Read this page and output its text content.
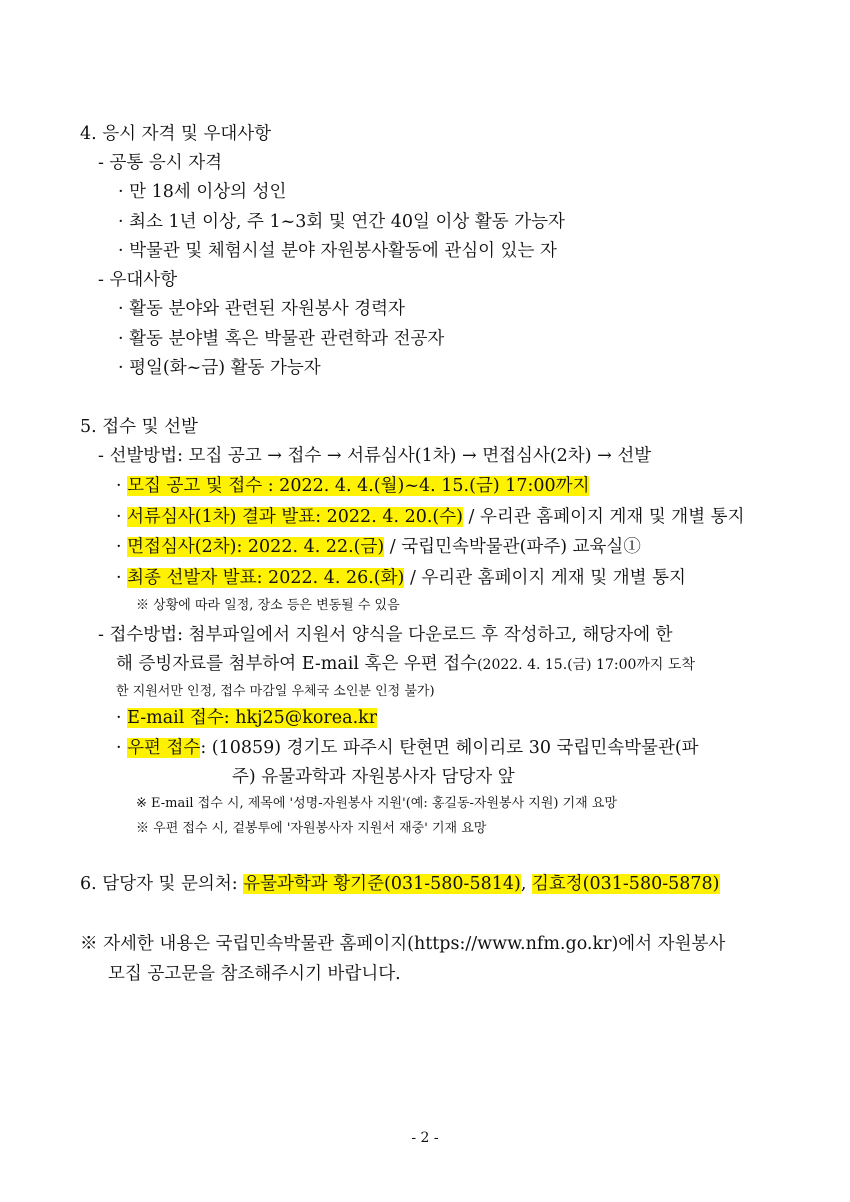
4. 응시 자격 및 우대사항
- 공통 응시 자격
· 만 18세 이상의 성인
· 최소 1년 이상, 주 1~3회 및 연간 40일 이상 활동 가능자
· 박물관 및 체험시설 분야 자원봉사활동에 관심이 있는 자
- 우대사항
· 활동 분야와 관련된 자원봉사 경력자
· 활동 분야별 혹은 박물관 관련학과 전공자
· 평일(화~금) 활동 가능자
5. 접수 및 선발
- 선발방법: 모집 공고 → 접수 → 서류심사(1차) → 면접심사(2차) → 선발
· 모집 공고 및 접수 : 2022. 4. 4.(월)~4. 15.(금) 17:00까지
· 서류심사(1차) 결과 발표: 2022. 4. 20.(수) / 우리관 홈페이지 게재 및 개별 통지
· 면접심사(2차): 2022. 4. 22.(금) / 국립민속박물관(파주) 교육실①
· 최종 선발자 발표: 2022. 4. 26.(화) / 우리관 홈페이지 게재 및 개별 통지
※ 상황에 따라 일정, 장소 등은 변동될 수 있음
- 접수방법: 첨부파일에서 지원서 양식을 다운로드 후 작성하고, 해당자에 한
해 증빙자료를 첨부하여 E-mail 혹은 우편 접수(2022. 4. 15.(금) 17:00까지 도착
한 지원서만 인정, 접수 마감일 우체국 소인분 인정 불가)
· E-mail 접수: hkj25@korea.kr
· 우편 접수: (10859) 경기도 파주시 탄현면 헤이리로 30 국립민속박물관(파
주) 유물과학과 자원봉사자 담당자 앞
※ E-mail 접수 시, 제목에 '성명-자원봉사 지원'(예: 홍길동-자원봉사 지원) 기재 요망
※ 우편 접수 시, 겉봉투에 '자원봉사자 지원서 재중' 기재 요망
6. 담당자 및 문의처: 유물과학과 황기준(031-580-5814), 김효정(031-580-5878)
※ 자세한 내용은 국립민속박물관 홈페이지(https://www.nfm.go.kr)에서 자원봉사
모집 공고문을 참조해주시기 바랍니다.
- 2 -
